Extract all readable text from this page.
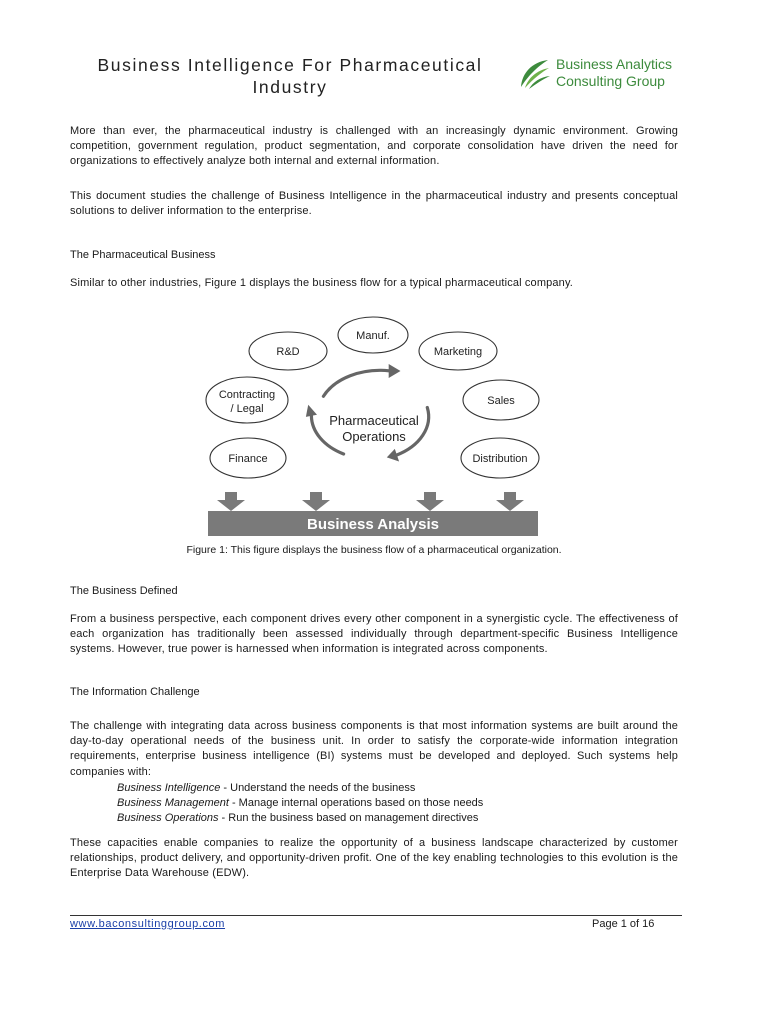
Business Intelligence For Pharmaceutical
Industry
Business Analytics
Consulting Group

More than ever, the pharmaceutical industry is challenged with an increasingly dynamic environment. Growing competition, government regulation, product segmentation, and corporate consolidation have driven the need for organizations to effectively analyze both internal and external information.

This document studies the challenge of Business Intelligence in the pharmaceutical industry and presents conceptual solutions to deliver information to the enterprise.

The Pharmaceutical Business

Similar to other industries, Figure 1 displays the business flow for a typical pharmaceutical company.

Manuf.
R&D	Marketing
Contracting
/ Legal
Sales
Finance	Distribution
Pharmaceutical
Operations
Business Analysis
Figure 1: This figure displays the business flow of a pharmaceutical organization.

The Business Defined

From a business perspective, each component drives every other component in a synergistic cycle. The effectiveness of each organization has traditionally been assessed individually through department-specific Business Intelligence systems. However, true power is harnessed when information is integrated across components.

The Information Challenge

The challenge with integrating data across business components is that most information systems are built around the day-to-day operational needs of the business unit. In order to satisfy the corporate-wide information integration requirements, enterprise business intelligence (BI) systems must be developed and deployed. Such systems help companies with:

Business Intelligence - Understand the needs of the business
Business Management - Manage internal operations based on those needs
Business Operations - Run the business based on management directives

These capacities enable companies to realize the opportunity of a business landscape characterized by customer relationships, product delivery, and opportunity-driven profit. One of the key enabling technologies to this evolution is the Enterprise Data Warehouse (EDW).

www.baconsultinggroup.com	Page 1 of 16
